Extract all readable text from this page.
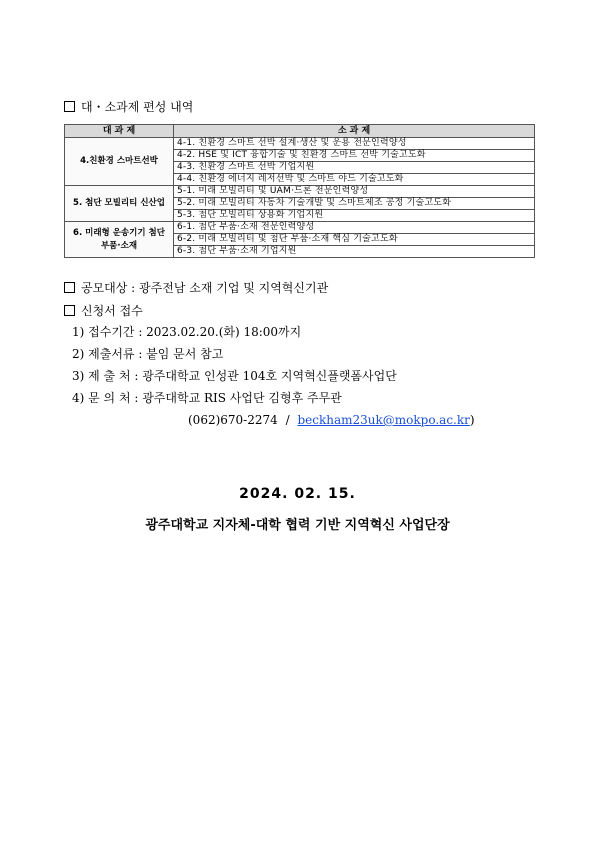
대・소과제 편성 내역
대 과 제	소 과 제
4.친환경 스마트선박	4-1. 친환경 스마트 선박 설계·생산 및 운용 전문인력양성
	4-2. HSE 및 ICT 융합기술 및 친환경 스마트 선박 기술고도화
	4-3. 친환경 스마트 선박 기업지원
	4-4. 친환경 에너지 레저선박 및 스마트 야드 기술고도화
5. 첨단 모빌리티 신산업	5-1. 미래 모빌리티 및 UAM·드론 전문인력양성
	5-2. 미래 모빌리티 자동차 기술개발 및 스마트제조 공정 기술고도화
	5-3. 첨단 모빌리티 상용화 기업지원
6. 미래형 운송기기 첨단 부품·소재	6-1. 첨단 부품·소재 전문인력양성
	6-2. 미래 모빌리티 및 첨단 부품·소재 핵심 기술고도화
	6-3. 첨단 부품·소재 기업지원
공모대상 : 광주전남 소재 기업 및 지역혁신기관
신청서 접수
1) 접수기간 : 2023.02.20.(화) 18:00까지
2) 제출서류 : 붙임 문서 참고
3) 제 출 처 : 광주대학교 인성관 104호 지역혁신플랫폼사업단
4) 문 의 처 : 광주대학교 RIS 사업단 김형후 주무관
(062)670-2274 / beckham23uk@mokpo.ac.kr)
2024. 02. 15.
광주대학교 지자체-대학 협력 기반 지역혁신 사업단장
